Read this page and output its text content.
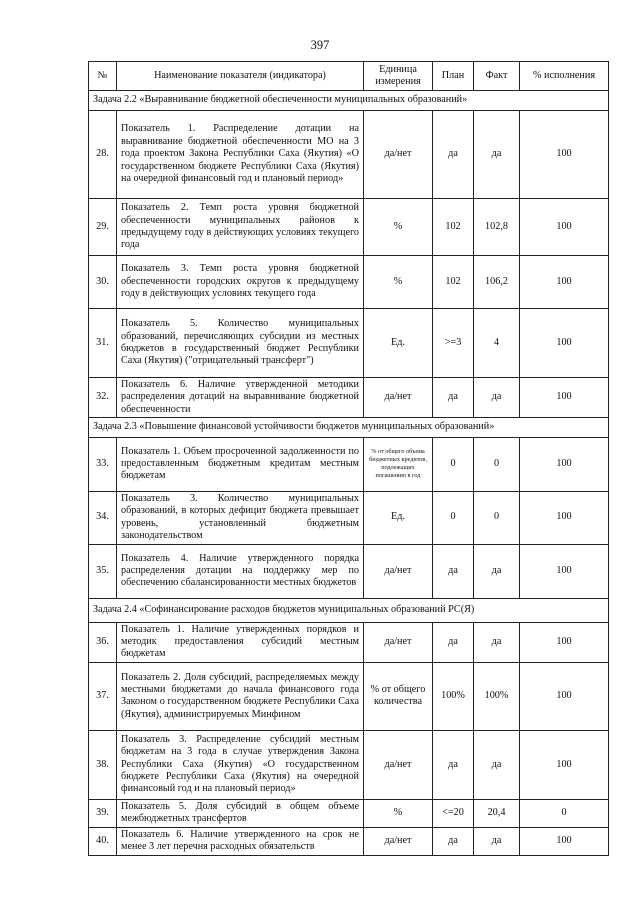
397
№	Наименование показателя (индикатора)	Единица измерения	План	Факт	% исполнения
Задача 2.2 «Выравнивание бюджетной обеспеченности муниципальных образований»					
28.	Показатель 1. Распределение дотации на выравнивание бюджетной обеспеченности МО на 3 года проектом Закона Республики Саха (Якутия) «О государственном бюджете Республики Саха (Якутия) на очередной финансовый год и плановый период»	да/нет	да	да	100
29.	Показатель 2. Темп роста уровня бюджетной обеспеченности муниципальных районов к предыдущему году в действующих условиях текущего года	%	102	102,8	100
30.	Показатель 3. Темп роста уровня бюджетной обеспеченности городских округов к предыдущему году в действующих условиях текущего года	%	102	106,2	100
31.	Показатель 5. Количество муниципальных образований, перечисляющих субсидии из местных бюджетов в государственный бюджет Республики Саха (Якутия) ("отрицательный трансферт")	Ед.	>=3	4	100
32.	Показатель 6. Наличие утвержденной методики распределения дотаций на выравнивание бюджетной обеспеченности	да/нет	да	да	100
Задача 2.3 «Повышение финансовой устойчивости бюджетов муниципальных образований»					
33.	Показатель 1. Объем просроченной задолженности по предоставленным бюджетным кредитам местным бюджетам	% от общего объема бюджетных кредитов, подлежащих погашению в год	0	0	100
34.	Показатель 3. Количество муниципальных образований, в которых дефицит бюджета превышает уровень, установленный бюджетным законодательством	Ед.	0	0	100
35.	Показатель 4. Наличие утвержденного порядка распределения дотации на поддержку мер по обеспечению сбалансированности местных бюджетов	да/нет	да	да	100
Задача 2.4 «Софинансирование расходов бюджетов муниципальных образований РС(Я)					
36.	Показатель 1. Наличие утвержденных порядков и методик предоставления субсидий местным бюджетам	да/нет	да	да	100
37.	Показатель 2. Доля субсидий, распределяемых между местными бюджетами до начала финансового года Законом о государственном бюджете Республики Саха (Якутия), администрируемых Минфином	% от общего количества	100%	100%	100
38.	Показатель 3. Распределение субсидий местным бюджетам на 3 года в случае утверждения Закона Республики Саха (Якутия) «О государственном бюджете Республики Саха (Якутия) на очередной финансовый год и на плановый период»	да/нет	да	да	100
39.	Показатель 5. Доля субсидий в общем объеме межбюджетных трансфертов	%	<=20	20,4	0
40.	Показатель 6. Наличие утвержденного на срок не менее 3 лет перечня расходных обязательств	да/нет	да	да	100
